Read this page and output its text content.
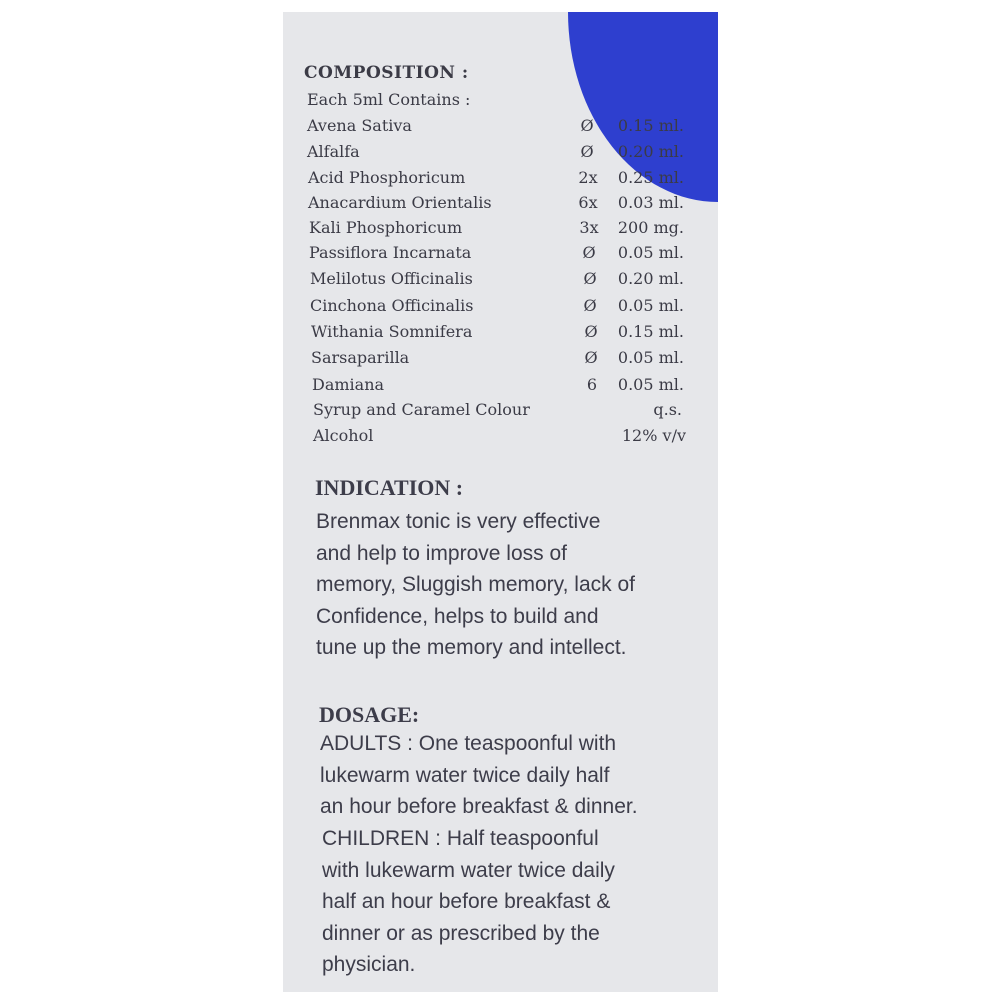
COMPOSITION :
Each 5ml Contains :
Avena Sativa	Ø 0.15 ml.
Alfalfa	Ø 0.20 ml.
Acid Phosphoricum	2x 0.25 ml.
Anacardium Orientalis	6x 0.03 ml.
Kali Phosphoricum	3x 200 mg.
Passiflora Incarnata	Ø 0.05 ml.
Melilotus Officinalis	Ø 0.20 ml.
Cinchona Officinalis	Ø 0.05 ml.
Withania Somnifera	Ø 0.15 ml.
Sarsaparilla	Ø 0.05 ml.
Damiana	6	0.05 ml.
Syrup and Caramel Colour	q.s.
Alcohol	12% v/v
INDICATION :
Brenmax tonic is very effective
and help to improve loss of
memory, Sluggish memory, lack of
Confidence, helps to build and
tune up the memory and intellect.
DOSAGE:
ADULTS : One teaspoonful with
lukewarm water twice daily half
an hour before breakfast & dinner.
CHILDREN : Half teaspoonful
with lukewarm water twice daily
half an hour before breakfast &
dinner or as prescribed by the
physician.
